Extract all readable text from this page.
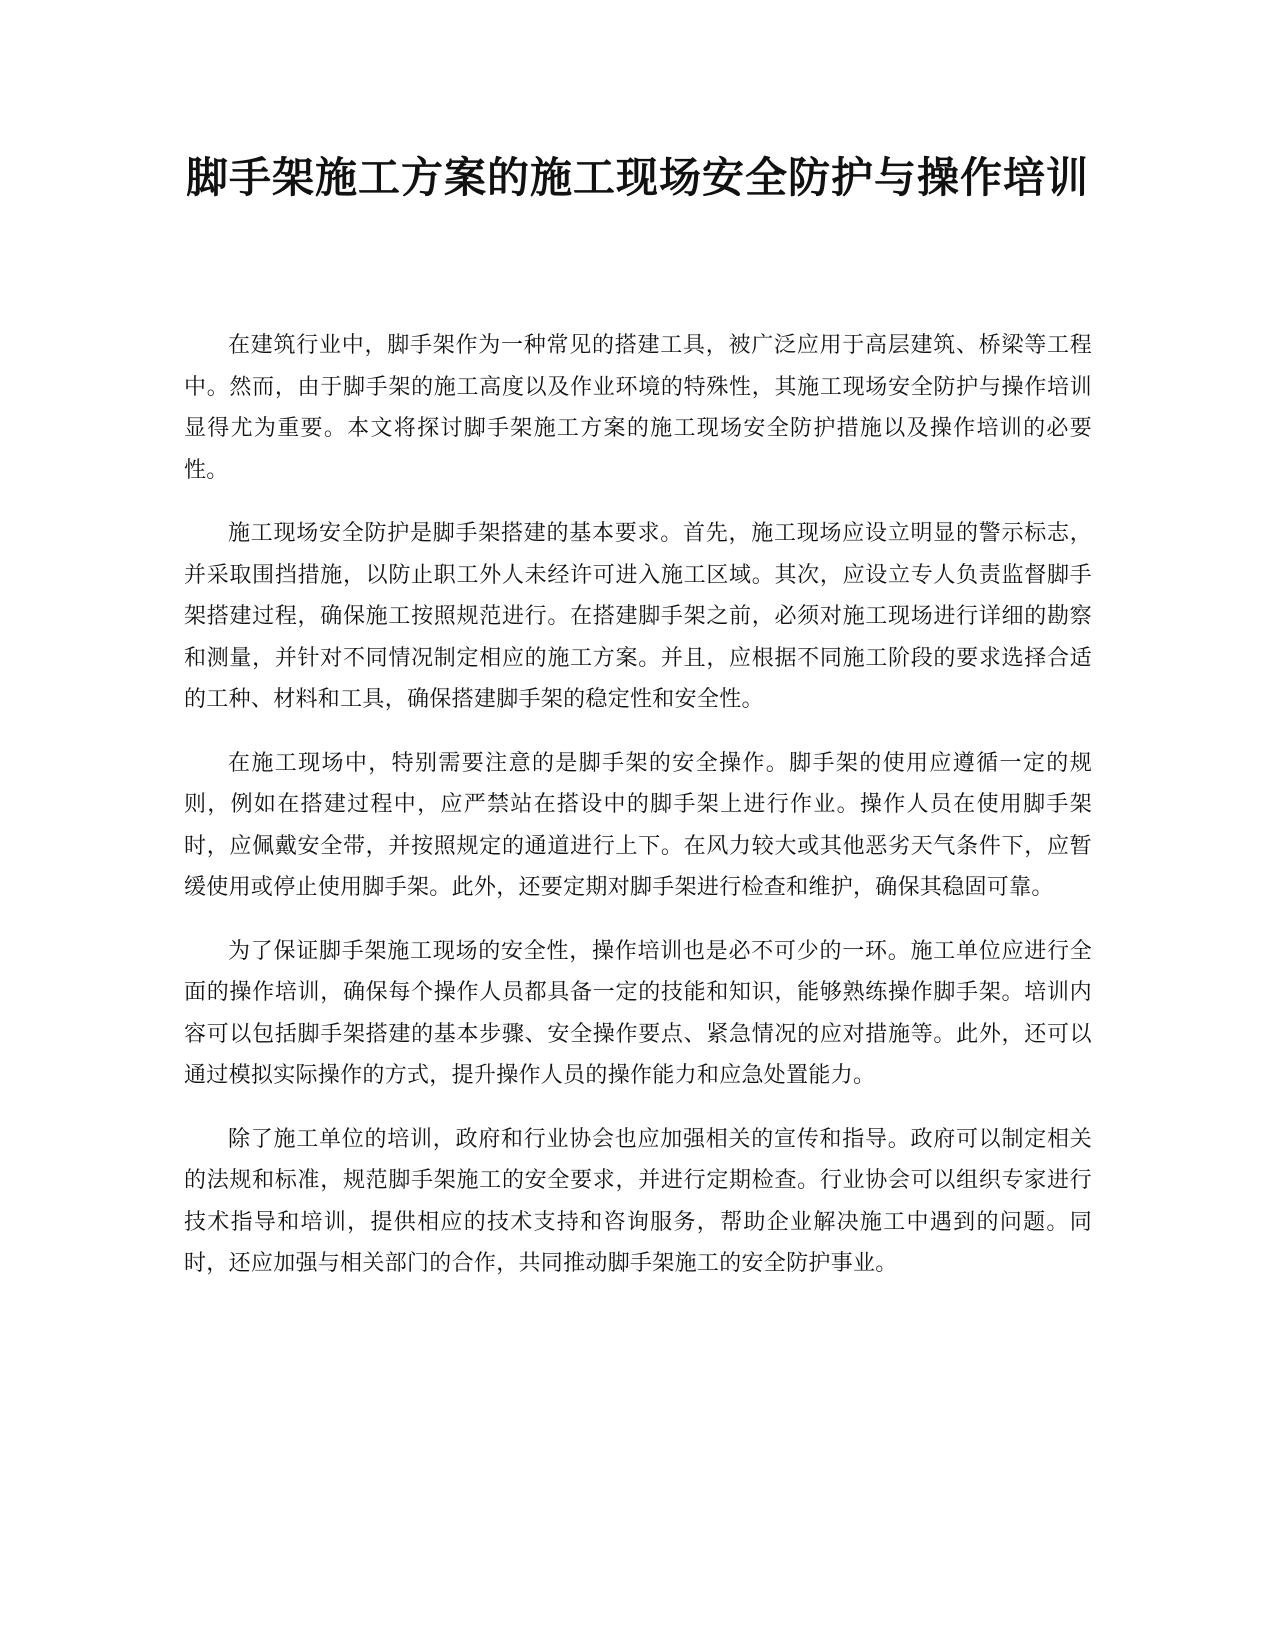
脚手架施工方案的施工现场安全防护与操作培训

在建筑行业中，脚手架作为一种常见的搭建工具，被广泛应用于高层建筑、桥梁等工程中。然而，由于脚手架的施工高度以及作业环境的特殊性，其施工现场安全防护与操作培训显得尤为重要。本文将探讨脚手架施工方案的施工现场安全防护措施以及操作培训的必要性。

施工现场安全防护是脚手架搭建的基本要求。首先，施工现场应设立明显的警示标志，并采取围挡措施，以防止职工外人未经许可进入施工区域。其次，应设立专人负责监督脚手架搭建过程，确保施工按照规范进行。在搭建脚手架之前，必须对施工现场进行详细的勘察和测量，并针对不同情况制定相应的施工方案。并且，应根据不同施工阶段的要求选择合适的工种、材料和工具，确保搭建脚手架的稳定性和安全性。

在施工现场中，特别需要注意的是脚手架的安全操作。脚手架的使用应遵循一定的规则，例如在搭建过程中，应严禁站在搭设中的脚手架上进行作业。操作人员在使用脚手架时，应佩戴安全带，并按照规定的通道进行上下。在风力较大或其他恶劣天气条件下，应暂缓使用或停止使用脚手架。此外，还要定期对脚手架进行检查和维护，确保其稳固可靠。

为了保证脚手架施工现场的安全性，操作培训也是必不可少的一环。施工单位应进行全面的操作培训，确保每个操作人员都具备一定的技能和知识，能够熟练操作脚手架。培训内容可以包括脚手架搭建的基本步骤、安全操作要点、紧急情况的应对措施等。此外，还可以通过模拟实际操作的方式，提升操作人员的操作能力和应急处置能力。

除了施工单位的培训，政府和行业协会也应加强相关的宣传和指导。政府可以制定相关的法规和标准，规范脚手架施工的安全要求，并进行定期检查。行业协会可以组织专家进行技术指导和培训，提供相应的技术支持和咨询服务，帮助企业解决施工中遇到的问题。同时，还应加强与相关部门的合作，共同推动脚手架施工的安全防护事业。
